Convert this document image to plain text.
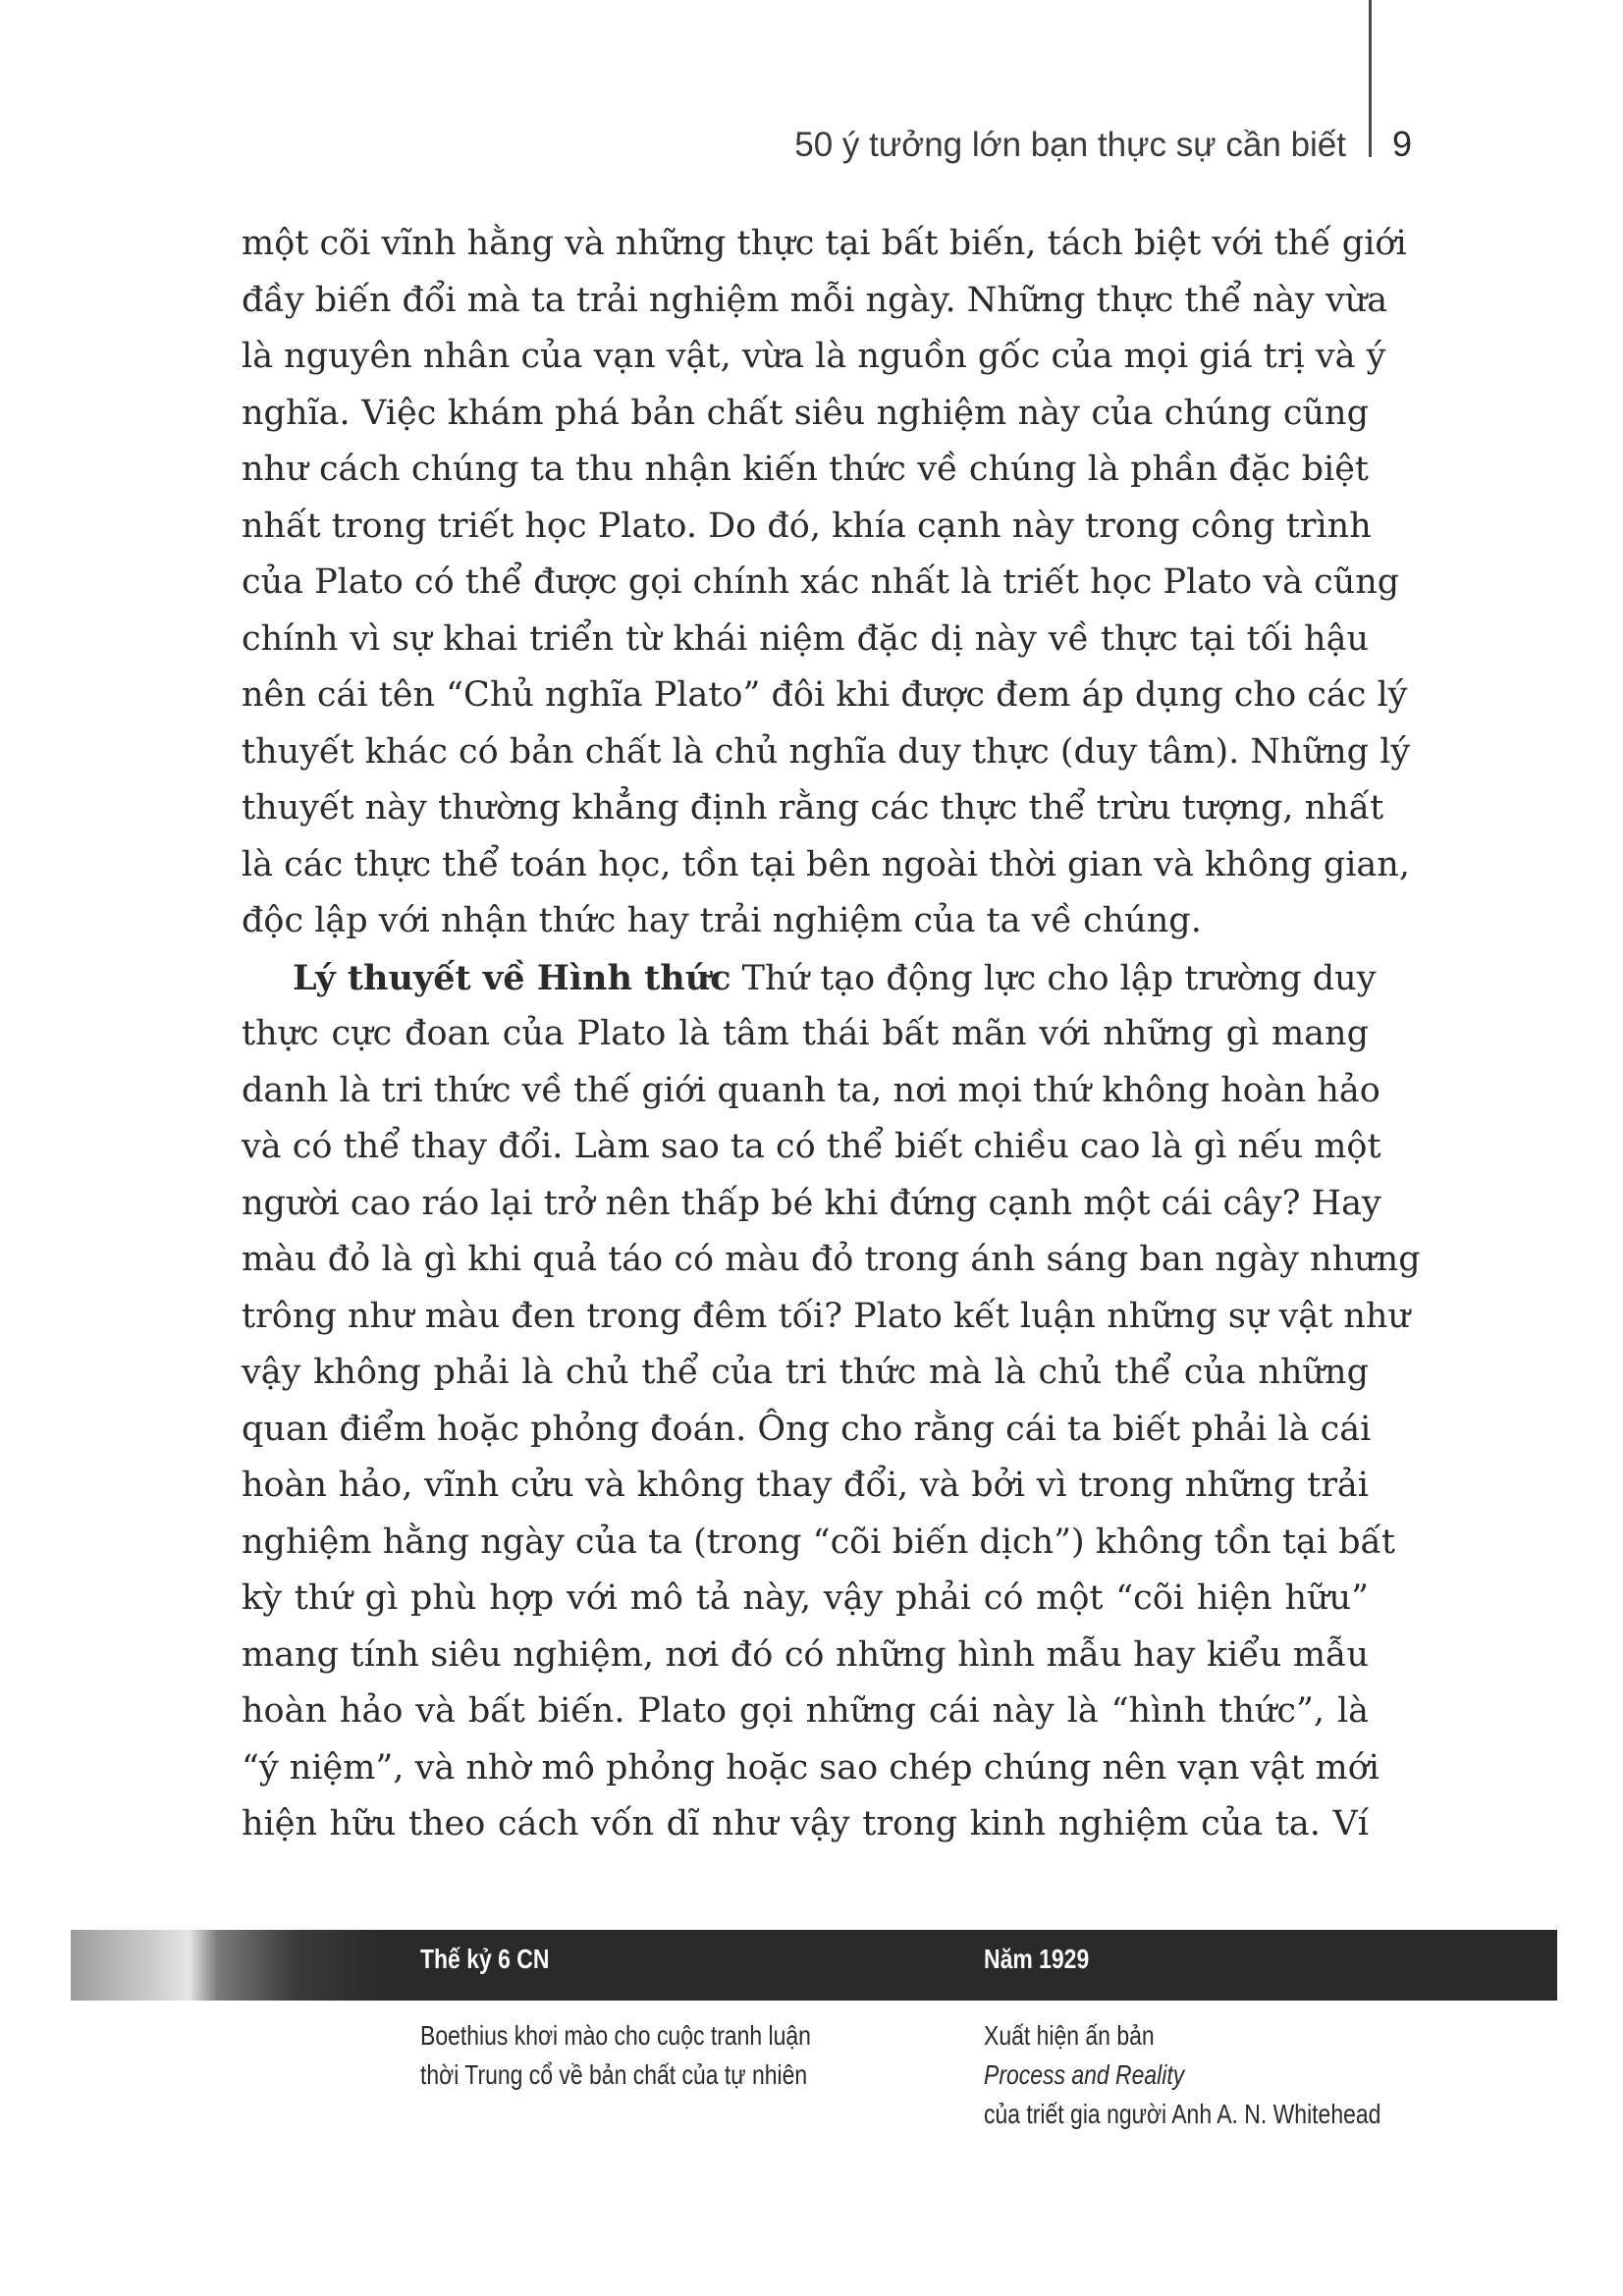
50 ý tưởng lớn bạn thực sự cần biết 9
một cõi vĩnh hằng và những thực tại bất biến, tách biệt với thế giới
đầy biến đổi mà ta trải nghiệm mỗi ngày. Những thực thể này vừa
là nguyên nhân của vạn vật, vừa là nguồn gốc của mọi giá trị và ý
nghĩa. Việc khám phá bản chất siêu nghiệm này của chúng cũng
như cách chúng ta thu nhận kiến thức về chúng là phần đặc biệt
nhất trong triết học Plato. Do đó, khía cạnh này trong công trình
của Plato có thể được gọi chính xác nhất là triết học Plato và cũng
chính vì sự khai triển từ khái niệm đặc dị này về thực tại tối hậu
nên cái tên “Chủ nghĩa Plato” đôi khi được đem áp dụng cho các lý
thuyết khác có bản chất là chủ nghĩa duy thực (duy tâm). Những lý
thuyết này thường khẳng định rằng các thực thể trừu tượng, nhất
là các thực thể toán học, tồn tại bên ngoài thời gian và không gian,
độc lập với nhận thức hay trải nghiệm của ta về chúng.
Lý thuyết về Hình thức Thứ tạo động lực cho lập trường duy
thực cực đoan của Plato là tâm thái bất mãn với những gì mang
danh là tri thức về thế giới quanh ta, nơi mọi thứ không hoàn hảo
và có thể thay đổi. Làm sao ta có thể biết chiều cao là gì nếu một
người cao ráo lại trở nên thấp bé khi đứng cạnh một cái cây? Hay
màu đỏ là gì khi quả táo có màu đỏ trong ánh sáng ban ngày nhưng
trông như màu đen trong đêm tối? Plato kết luận những sự vật như
vậy không phải là chủ thể của tri thức mà là chủ thể của những
quan điểm hoặc phỏng đoán. Ông cho rằng cái ta biết phải là cái
hoàn hảo, vĩnh cửu và không thay đổi, và bởi vì trong những trải
nghiệm hằng ngày của ta (trong “cõi biến dịch”) không tồn tại bất
kỳ thứ gì phù hợp với mô tả này, vậy phải có một “cõi hiện hữu”
mang tính siêu nghiệm, nơi đó có những hình mẫu hay kiểu mẫu
hoàn hảo và bất biến. Plato gọi những cái này là “hình thức”, là
“ý niệm”, và nhờ mô phỏng hoặc sao chép chúng nên vạn vật mới
hiện hữu theo cách vốn dĩ như vậy trong kinh nghiệm của ta. Ví
Thế kỷ 6 CN	Năm 1929
Boethius khơi mào cho cuộc tranh luận
thời Trung cổ về bản chất của tự nhiên
Xuất hiện ấn bản
Process and Reality
của triết gia người Anh A. N. Whitehead
